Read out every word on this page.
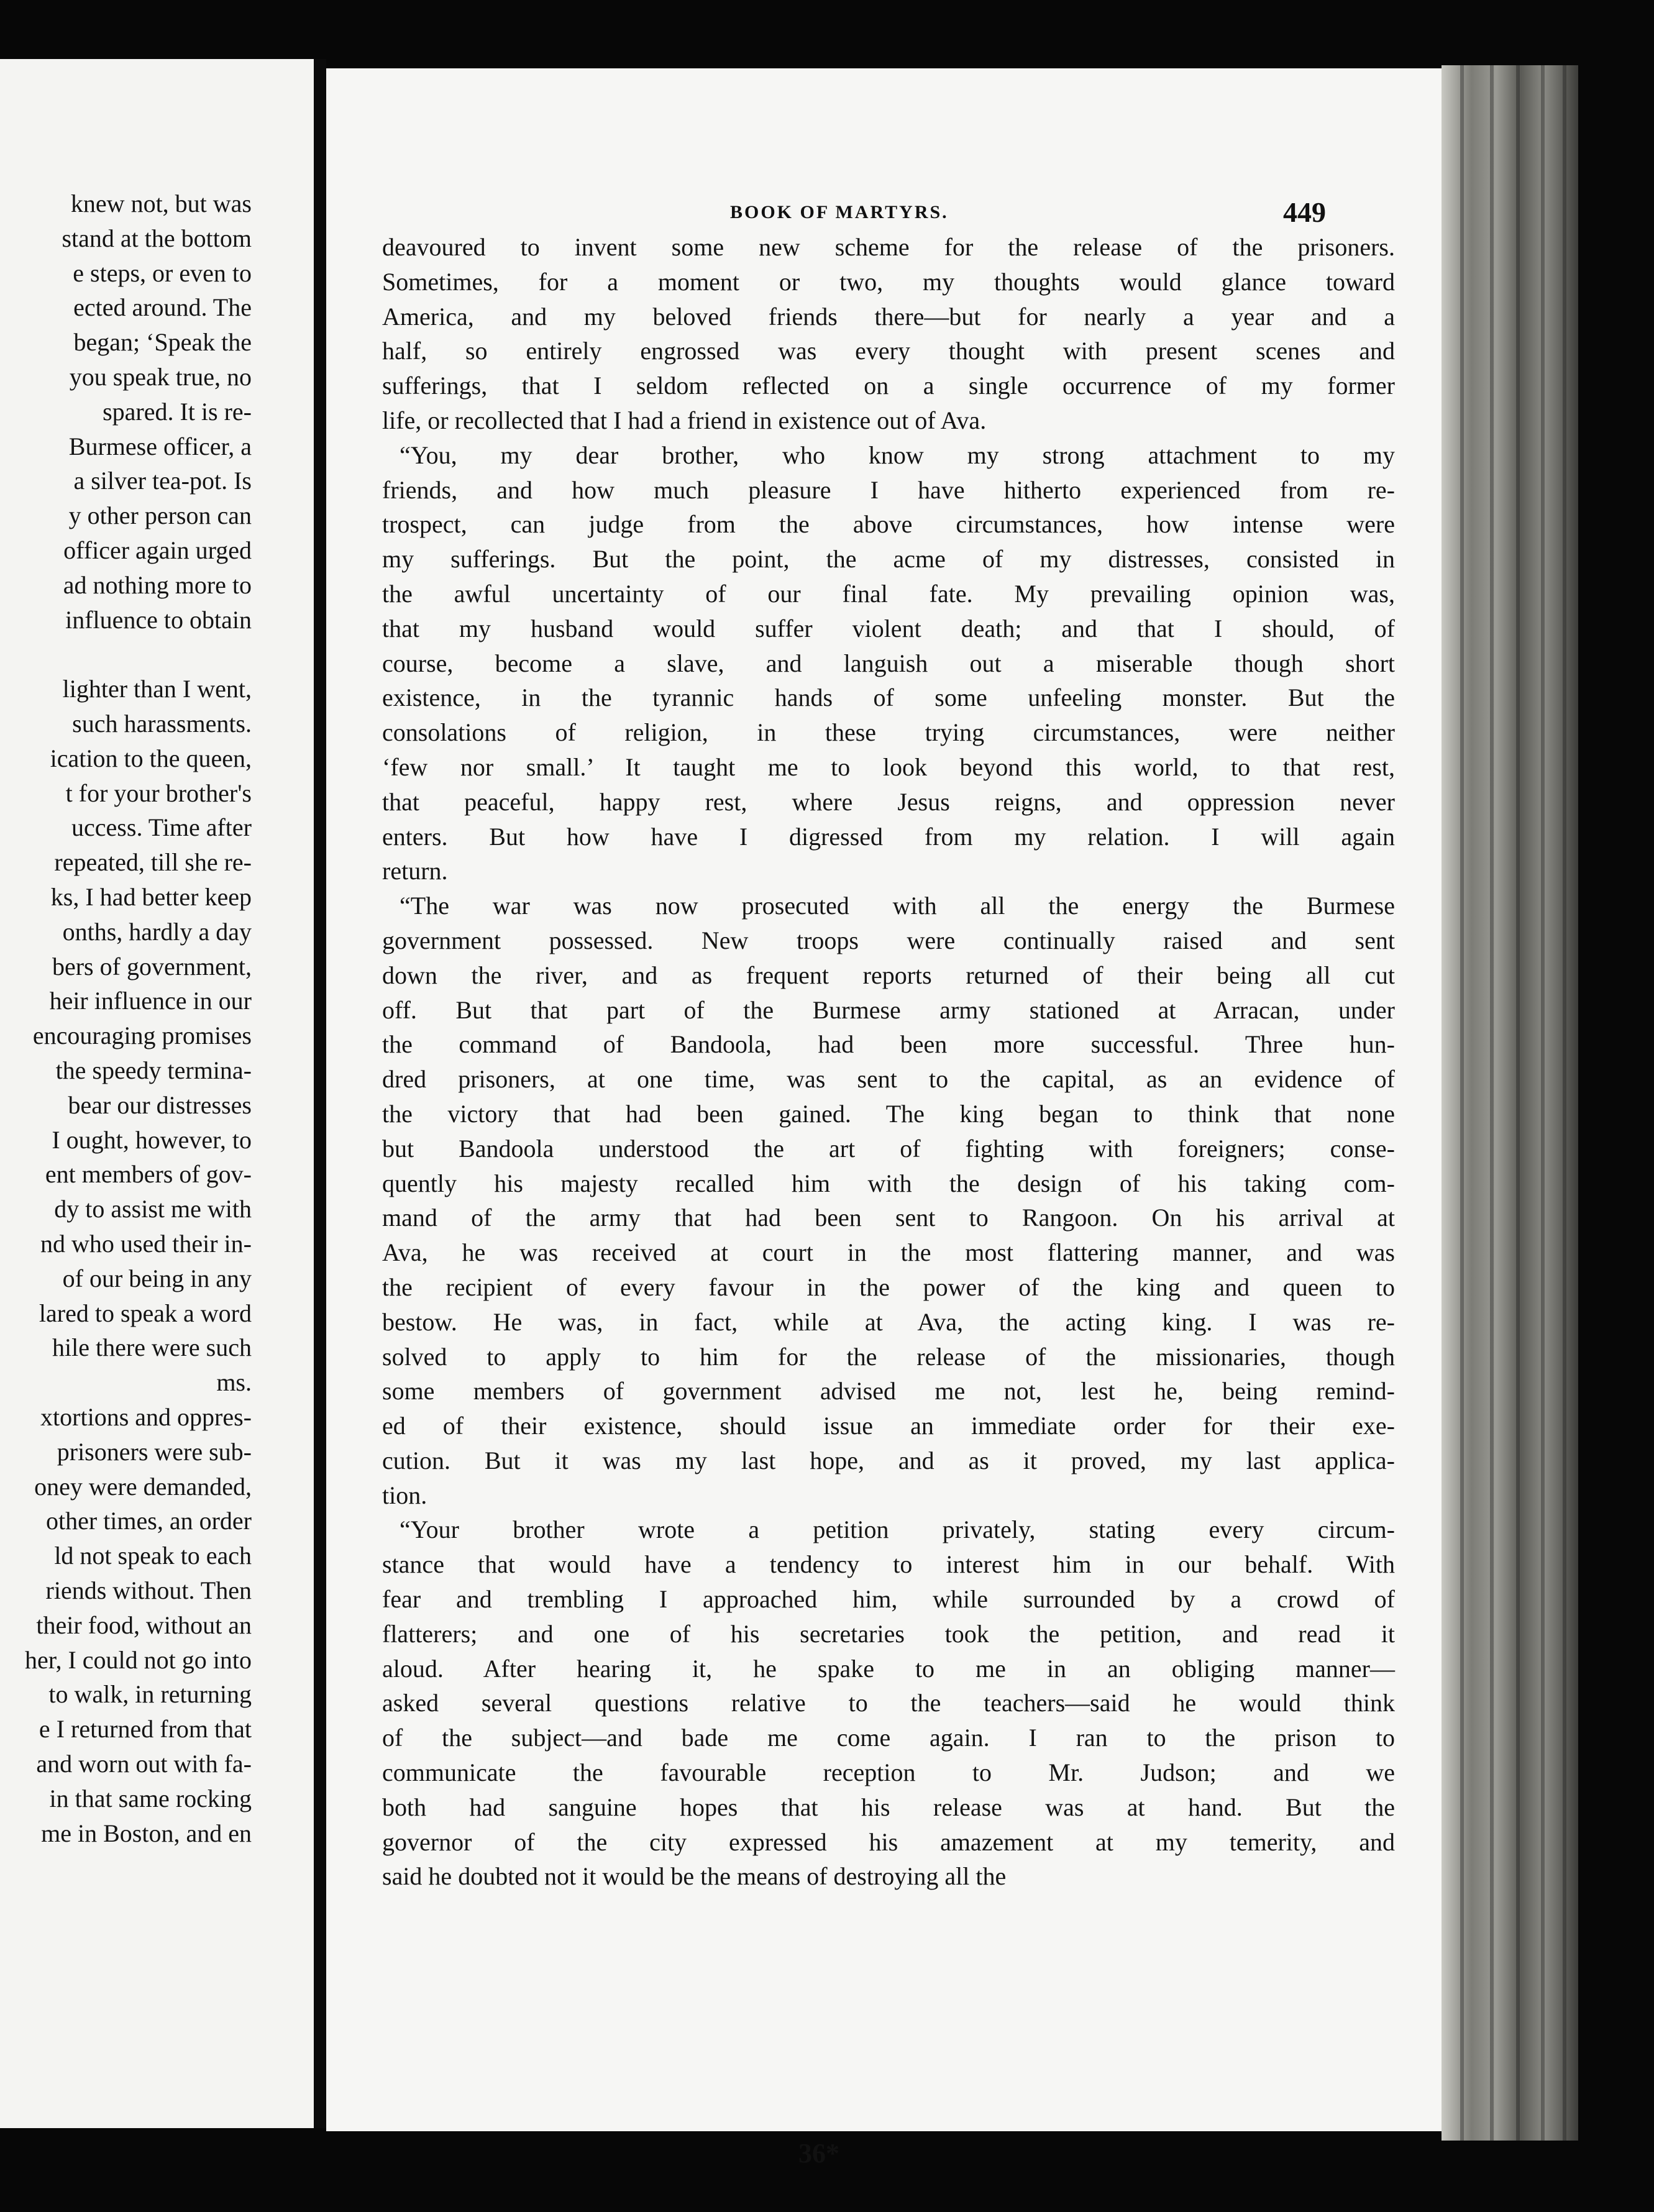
knew not, but was
stand at the bottom
e steps, or even to
ected around. The
began; ‘Speak the
you speak true, no
spared. It is re-
Burmese officer, a
a silver tea-pot. Is
y other person can
officer again urged
ad nothing more to
influence to obtain
lighter than I went,
such harassments.
ication to the queen,
t for your brother's
uccess. Time after
repeated, till she re-
ks, I had better keep
onths, hardly a day
bers of government,
heir influence in our
encouraging promises
the speedy termina-
bear our distresses
I ought, however, to
ent members of gov-
dy to assist me with
nd who used their in-
of our being in any
lared to speak a word
hile there were such
ms.
xtortions and oppres-
prisoners were sub-
oney were demanded,
other times, an order
ld not speak to each
riends without. Then
their food, without an
her, I could not go into
to walk, in returning
e I returned from that
and worn out with fa-
in that same rocking
me in Boston, and en
BOOK OF MARTYRS.	449
deavoured to invent some new scheme for the release of the prisoners.
Sometimes, for a moment or two, my thoughts would glance toward
America, and my beloved friends there—but for nearly a year and a
half, so entirely engrossed was every thought with present scenes and
sufferings, that I seldom reflected on a single occurrence of my former
life, or recollected that I had a friend in existence out of Ava.
“You, my dear brother, who know my strong attachment to my
friends, and how much pleasure I have hitherto experienced from re-
trospect, can judge from the above circumstances, how intense were
my sufferings. But the point, the acme of my distresses, consisted in
the awful uncertainty of our final fate. My prevailing opinion was,
that my husband would suffer violent death; and that I should, of
course, become a slave, and languish out a miserable though short
existence, in the tyrannic hands of some unfeeling monster. But the
consolations of religion, in these trying circumstances, were neither
‘few nor small.’ It taught me to look beyond this world, to that rest,
that peaceful, happy rest, where Jesus reigns, and oppression never
enters. But how have I digressed from my relation. I will again
return.
“The war was now prosecuted with all the energy the Burmese
government possessed. New troops were continually raised and sent
down the river, and as frequent reports returned of their being all cut
off. But that part of the Burmese army stationed at Arracan, under
the command of Bandoola, had been more successful. Three hun-
dred prisoners, at one time, was sent to the capital, as an evidence of
the victory that had been gained. The king began to think that none
but Bandoola understood the art of fighting with foreigners; conse-
quently his majesty recalled him with the design of his taking com-
mand of the army that had been sent to Rangoon. On his arrival at
Ava, he was received at court in the most flattering manner, and was
the recipient of every favour in the power of the king and queen to
bestow. He was, in fact, while at Ava, the acting king. I was re-
solved to apply to him for the release of the missionaries, though
some members of government advised me not, lest he, being remind-
ed of their existence, should issue an immediate order for their exe-
cution. But it was my last hope, and as it proved, my last applica-
tion.
“Your brother wrote a petition privately, stating every circum-
stance that would have a tendency to interest him in our behalf. With
fear and trembling I approached him, while surrounded by a crowd of
flatterers; and one of his secretaries took the petition, and read it
aloud. After hearing it, he spake to me in an obliging manner—
asked several questions relative to the teachers—said he would think
of the subject—and bade me come again. I ran to the prison to
communicate the favourable reception to Mr. Judson; and we
both had sanguine hopes that his release was at hand. But the
governor of the city expressed his amazement at my temerity, and
said he doubted not it would be the means of destroying all the
36*
